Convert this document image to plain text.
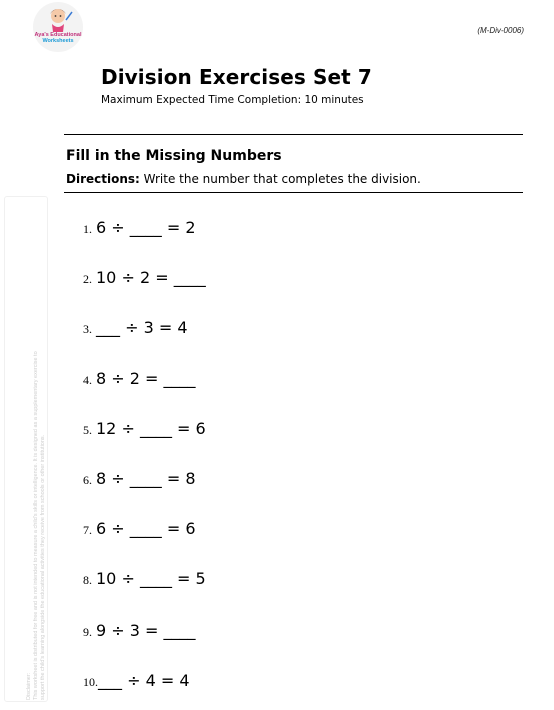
Aya's Educational
Worksheets
(M-Div-0006)
Division Exercises Set 7
Maximum Expected Time Completion: 10 minutes
Fill in the Missing Numbers
Directions: Write the number that completes the division.
Disclaimer: This worksheet is distributed for free and is not intended to measure a child's skills or intelligence. It is designed as a supplementary exercise to support the child's learning alongside the educational activities they receive from schools or other institutions.
1. 6 ÷ ____ = 2
2. 10 ÷ 2 = ____
3. ___ ÷ 3 = 4
4. 8 ÷ 2 = ____
5. 12 ÷ ____ = 6
6. 8 ÷ ____ = 8
7. 6 ÷ ____ = 6
8. 10 ÷ ____ = 5
9. 9 ÷ 3 = ____
10.___ ÷ 4 = 4
